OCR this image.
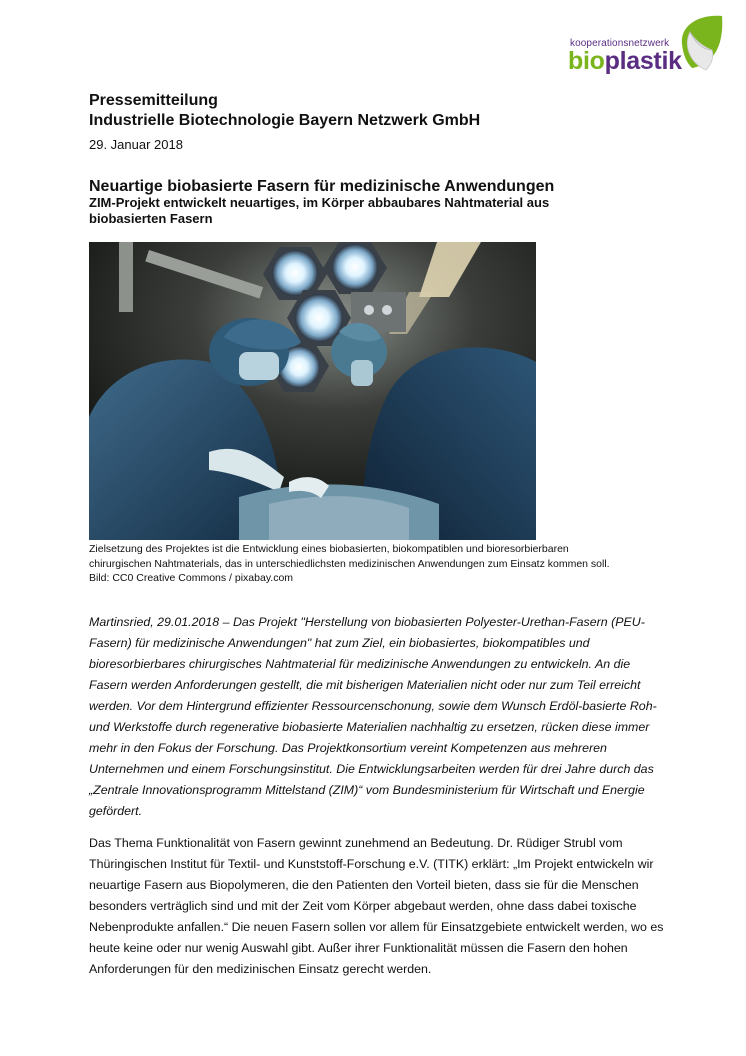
kooperationsnetzwerk
bioplastik
Pressemitteilung
Industrielle Biotechnologie Bayern Netzwerk GmbH
29. Januar 2018
Neuartige biobasierte Fasern für medizinische Anwendungen
ZIM-Projekt entwickelt neuartiges, im Körper abbaubares Nahtmaterial aus biobasierten Fasern
Zielsetzung des Projektes ist die Entwicklung eines biobasierten, biokompatiblen und bioresorbierbaren
chirurgischen Nahtmaterials, das in unterschiedlichsten medizinischen Anwendungen zum Einsatz kommen soll.
Bild: CC0 Creative Commons / pixabay.com

Martinsried, 29.01.2018 – Das Projekt "Herstellung von biobasierten Polyester-Urethan-Fasern (PEU-Fasern) für medizinische Anwendungen" hat zum Ziel, ein biobasiertes, biokompatibles und bioresorbierbares chirurgisches Nahtmaterial für medizinische Anwendungen zu entwickeln. An die Fasern werden Anforderungen gestellt, die mit bisherigen Materialien nicht oder nur zum Teil erreicht werden. Vor dem Hintergrund effizienter Ressourcenschonung, sowie dem Wunsch Erdöl-basierte Roh- und Werkstoffe durch regenerative biobasierte Materialien nachhaltig zu ersetzen, rücken diese immer mehr in den Fokus der Forschung. Das Projektkonsortium vereint Kompetenzen aus mehreren Unternehmen und einem Forschungsinstitut. Die Entwicklungsarbeiten werden für drei Jahre durch das „Zentrale Innovationsprogramm Mittelstand (ZIM)“ vom Bundesministerium für Wirtschaft und Energie gefördert.

Das Thema Funktionalität von Fasern gewinnt zunehmend an Bedeutung. Dr. Rüdiger Strubl vom Thüringischen Institut für Textil- und Kunststoff-Forschung e.V. (TITK) erklärt: „Im Projekt entwickeln wir neuartige Fasern aus Biopolymeren, die den Patienten den Vorteil bieten, dass sie für die Menschen besonders verträglich sind und mit der Zeit vom Körper abgebaut werden, ohne dass dabei toxische Nebenprodukte anfallen.“ Die neuen Fasern sollen vor allem für Einsatzgebiete entwickelt werden, wo es heute keine oder nur wenig Auswahl gibt. Außer ihrer Funktionalität müssen die Fasern den hohen Anforderungen für den medizinischen Einsatz gerecht werden.
